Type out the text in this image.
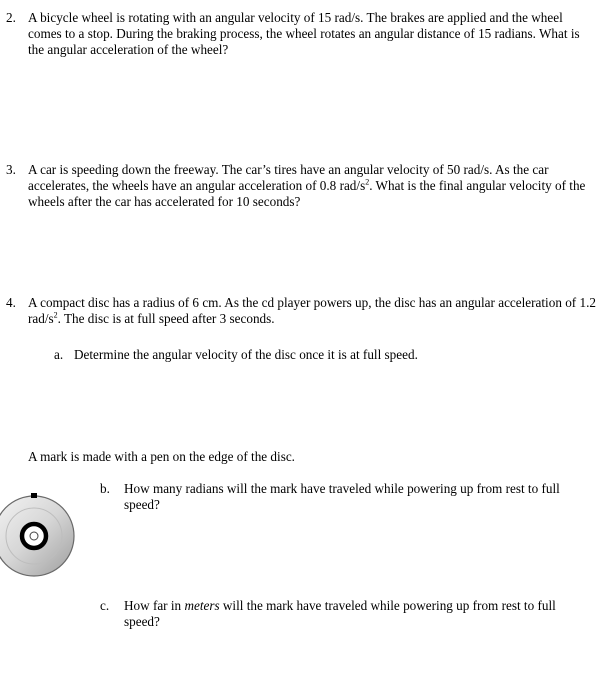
2. A bicycle wheel is rotating with an angular velocity of 15 rad/s. The brakes are applied and the wheel comes to a stop. During the braking process, the wheel rotates an angular distance of 15 radians. What is the angular acceleration of the wheel?
3. A car is speeding down the freeway. The car’s tires have an angular velocity of 50 rad/s. As the car accelerates, the wheels have an angular acceleration of 0.8 rad/$s^2$. What is the final angular velocity of the wheels after the car has accelerated for 10 seconds?
4. A compact disc has a radius of 6 cm. As the cd player powers up, the disc has an angular acceleration of 1.2 rad/$s^2$. The disc is at full speed after 3 seconds.
a. Determine the angular velocity of the disc once it is at full speed.
A mark is made with a pen on the edge of the disc.
b. How many radians will the mark have traveled while powering up from rest to full speed?
c. How far in meters will the mark have traveled while powering up from rest to full speed?
